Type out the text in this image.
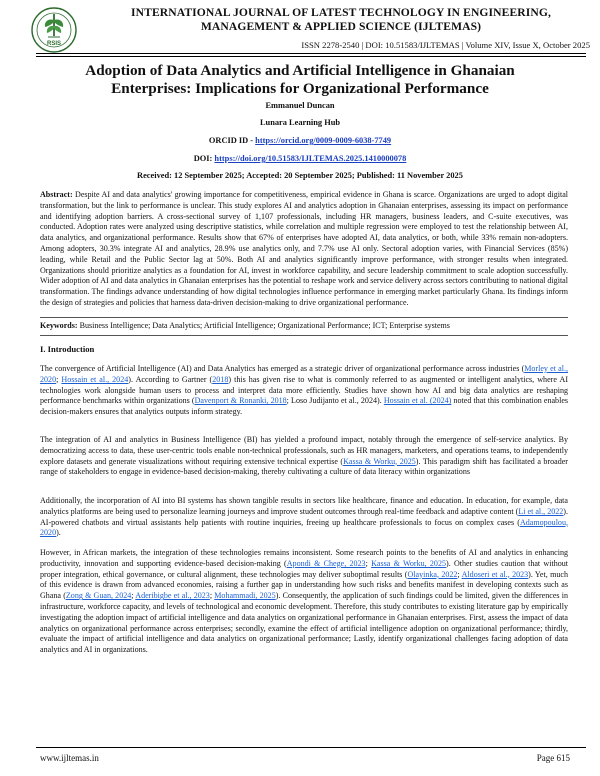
RSIS
INTERNATIONAL JOURNAL OF LATEST TECHNOLOGY IN ENGINEERING,
MANAGEMENT & APPLIED SCIENCE (IJLTEMAS)
ISSN 2278-2540 | DOI: 10.51583/IJLTEMAS | Volume XIV, Issue X, October 2025
Adoption of Data Analytics and Artificial Intelligence in Ghanaian
Enterprises: Implications for Organizational Performance
Emmanuel Duncan
Lunara Learning Hub
ORCID ID - https://orcid.org/0009-0009-6038-7749
DOI: https://doi.org/10.51583/IJLTEMAS.2025.1410000078
Received: 12 September 2025; Accepted: 20 September 2025; Published: 11 November 2025
Abstract: Despite AI and data analytics' growing importance for competitiveness, empirical evidence in Ghana is scarce. Organizations are urged to adopt digital transformation, but the link to performance is unclear. This study explores AI and analytics adoption in Ghanaian enterprises, assessing its impact on performance and identifying adoption barriers. A cross-sectional survey of 1,107 professionals, including HR managers, business leaders, and C-suite executives, was conducted. Adoption rates were analyzed using descriptive statistics, while correlation and multiple regression were employed to test the relationship between AI, data analytics, and organizational performance. Results show that 67% of enterprises have adopted AI, data analytics, or both, while 33% remain non-adopters. Among adopters, 30.3% integrate AI and analytics, 28.9% use analytics only, and 7.7% use AI only. Sectoral adoption varies, with Financial Services (85%) leading, while Retail and the Public Sector lag at 50%. Both AI and analytics significantly improve performance, with stronger results when integrated. Organizations should prioritize analytics as a foundation for AI, invest in workforce capability, and secure leadership commitment to scale adoption successfully. Wider adoption of AI and data analytics in Ghanaian enterprises has the potential to reshape work and service delivery across sectors contributing to national digital transformation. The findings advance understanding of how digital technologies influence performance in emerging market particularly Ghana. Its findings inform the design of strategies and policies that harness data-driven decision-making to drive organizational performance.
Keywords: Business Intelligence; Data Analytics; Artificial Intelligence; Organizational Performance; ICT; Enterprise systems
I. Introduction
The convergence of Artificial Intelligence (AI) and Data Analytics has emerged as a strategic driver of organizational performance across industries (Morley et al., 2020; Hossain et al., 2024). According to Gartner (2018) this has given rise to what is commonly referred to as augmented or intelligent analytics, where AI technologies work alongside human users to process and interpret data more efficiently. Studies have shown how AI and big data analytics are reshaping performance benchmarks within organizations (Davenport & Ronanki, 2018; Loso Judijanto et al., 2024). Hossain et al. (2024) noted that this combination enables decision-makers ensures that analytics outputs inform strategy.
The integration of AI and analytics in Business Intelligence (BI) has yielded a profound impact, notably through the emergence of self-service analytics. By democratizing access to data, these user-centric tools enable non-technical professionals, such as HR managers, marketers, and operations teams, to independently explore datasets and generate visualizations without requiring extensive technical expertise (Kassa & Worku, 2025). This paradigm shift has facilitated a broader range of stakeholders to engage in evidence-based decision-making, thereby cultivating a culture of data literacy within organizations
Additionally, the incorporation of AI into BI systems has shown tangible results in sectors like healthcare, finance and education. In education, for example, data analytics platforms are being used to personalize learning journeys and improve student outcomes through real-time feedback and adaptive content (Li et al., 2022). AI-powered chatbots and virtual assistants help patients with routine inquiries, freeing up healthcare professionals to focus on complex cases (Adamopoulou, 2020).
However, in African markets, the integration of these technologies remains inconsistent. Some research points to the benefits of AI and analytics in enhancing productivity, innovation and supporting evidence-based decision-making (Apondi & Chege, 2023; Kassa & Worku, 2025). Other studies caution that without proper integration, ethical governance, or cultural alignment, these technologies may deliver suboptimal results (Olayinka, 2022; Aldoseri et al., 2023). Yet, much of this evidence is drawn from advanced economies, raising a further gap in understanding how such risks and benefits manifest in developing contexts such as Ghana (Zong & Guan, 2024; Aderibigbe et al., 2023; Mohammadi, 2025). Consequently, the application of such findings could be limited, given the differences in infrastructure, workforce capacity, and levels of technological and economic development. Therefore, this study contributes to existing literature gap by empirically investigating the adoption impact of artificial intelligence and data analytics on organizational performance in Ghanaian enterprises. First, assess the impact of data analytics on organizational performance across enterprises; secondly, examine the effect of artificial intelligence adoption on organizational performance; thirdly, evaluate the impact of artificial intelligence and data analytics on organizational performance; Lastly, identify organizational challenges facing adoption of data analytics and AI in organizations.
www.ijltemas.in	Page 615
